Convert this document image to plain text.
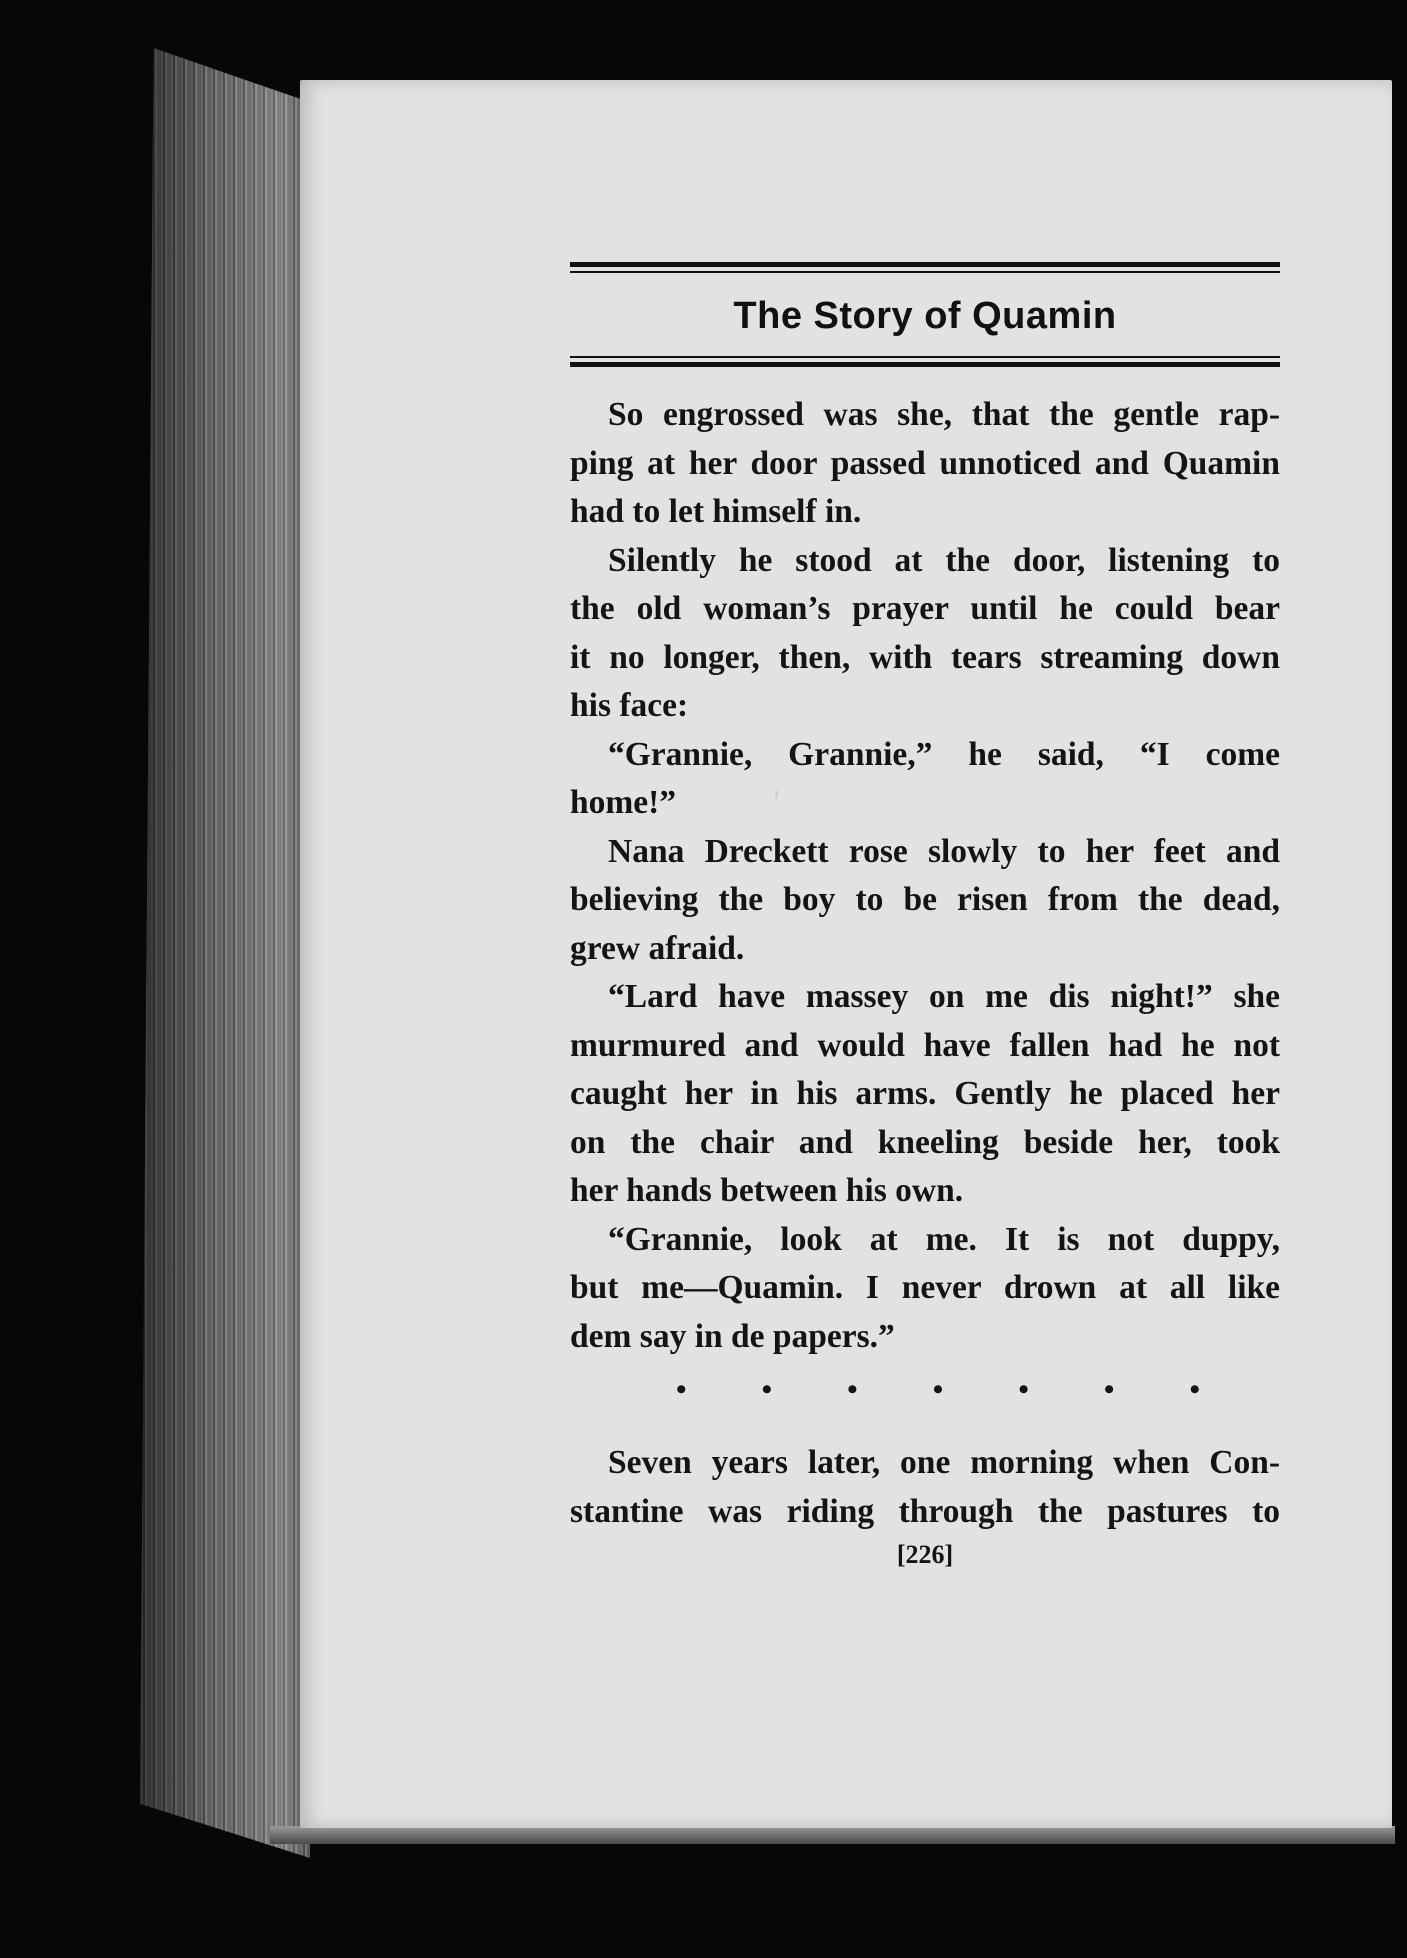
The Story of Quamin
So engrossed was she, that the gentle rap-
ping at her door passed unnoticed and Quamin
had to let himself in.
Silently he stood at the door, listening to
the old woman’s prayer until he could bear
it no longer, then, with tears streaming down
his face:
“Grannie, Grannie,” he said, “I come
home!”
Nana Dreckett rose slowly to her feet and
believing the boy to be risen from the dead,
grew afraid.
“Lard have massey on me dis night!” she
murmured and would have fallen had he not
caught her in his arms. Gently he placed her
on the chair and kneeling beside her, took
her hands between his own.
“Grannie, look at me. It is not duppy,
but me—Quamin. I never drown at all like
dem say in de papers.”
•	•	•	•	•	•	•
Seven years later, one morning when Con-
stantine was riding through the pastures to
[226]
